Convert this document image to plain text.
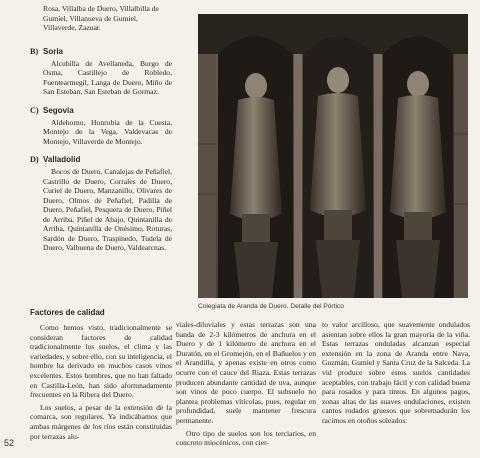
Rosa, Villalba de Duero, Villalbilla de Gumiel, Villanueva de Gumiel, Villaverde, Zazuar.

B) Soria
Alcubilla de Avellaneda, Burgo de Osma, Castillejo de Robledo, Fuentearmegil, Langa de Duero, Miño de San Esteban, San Esteban de Gormaz.
C) Segovia
Aldehorno, Honrubia de la Cuesta, Montejo de la Vega, Valdevacas de Montejo, Villaverde de Montejo.
D) Valladolid
Bocos de Duero, Canalejas de Peñafiel, Castrillo de Duero, Corrales de Duero, Curiel de Duero, Manzanillo, Olivares de Duero, Olmos de Peñafiel, Padilla de Duero, Peñafiel, Pesquera de Duero, Piñel de Arriba, Piñel de Abajo, Quintanilla de Arriba, Quintanilla de Onésimo, Roturas, Sardón de Duero, Traspinedo, Tudela de Duero, Valbuena de Duero, Valdearcnas.
Colegiata de Aranda de Duero. Detalle del Pórtico
Factores de calidad

Como hemos visto, tradicionalmente se consideran factores de calidad tradicionalmente los suelos, el clima y las variedades, y sobre ello, con su inteligencia, el hombre ha derivado en muchos casos vinos excelentes. Estos hombres, que no han faltado en Castilla-León, han sido afortunadamente frecuentes en la Ribera del Duero.

Los suelos, a pesar de la extensión de la comarca, son regulares. Ya indicábamos que ambas márgenes de los ríos están constituidas por terrazas alu-

viales-diluviales y estas terrazas son una banda de 2-3 kilómetros de anchura en el Duero y de 1 kilómetro de anchura en el Duratón, en el Gromejón, en el Bañuelos y en el Arandilla, y apenas existe en otros como ocurre con el cauce del Riaza. Estas terrazas producen abundante cantidad de uva, aunque son vinos de poco cuerpo. El subsuelo no plantea problemas vitícolas, pues, regular en profundidad, suele mantener frescura permanente.

Otro tipo de suelos son los terciarios, en concreto miocénicos, con cier-

to valor arcilloso, que suavemente ondulados asientan sobre ellos la gran mayoría de la viña. Estas terrazas onduladas alcanzan especial extensión en la zona de Aranda entre Nava, Guzmán, Gumiel y Santa Cruz de la Salceda. La vid produce sobre estos suelos cantidades aceptables, con trabajo fácil y con calidad buena para rosados y para tintos. En algunos pagos, zonas altas de las suaves ondulaciones, existen cantos rodados gruesos que sobremadurán los racimos en otoños soleados.

52
